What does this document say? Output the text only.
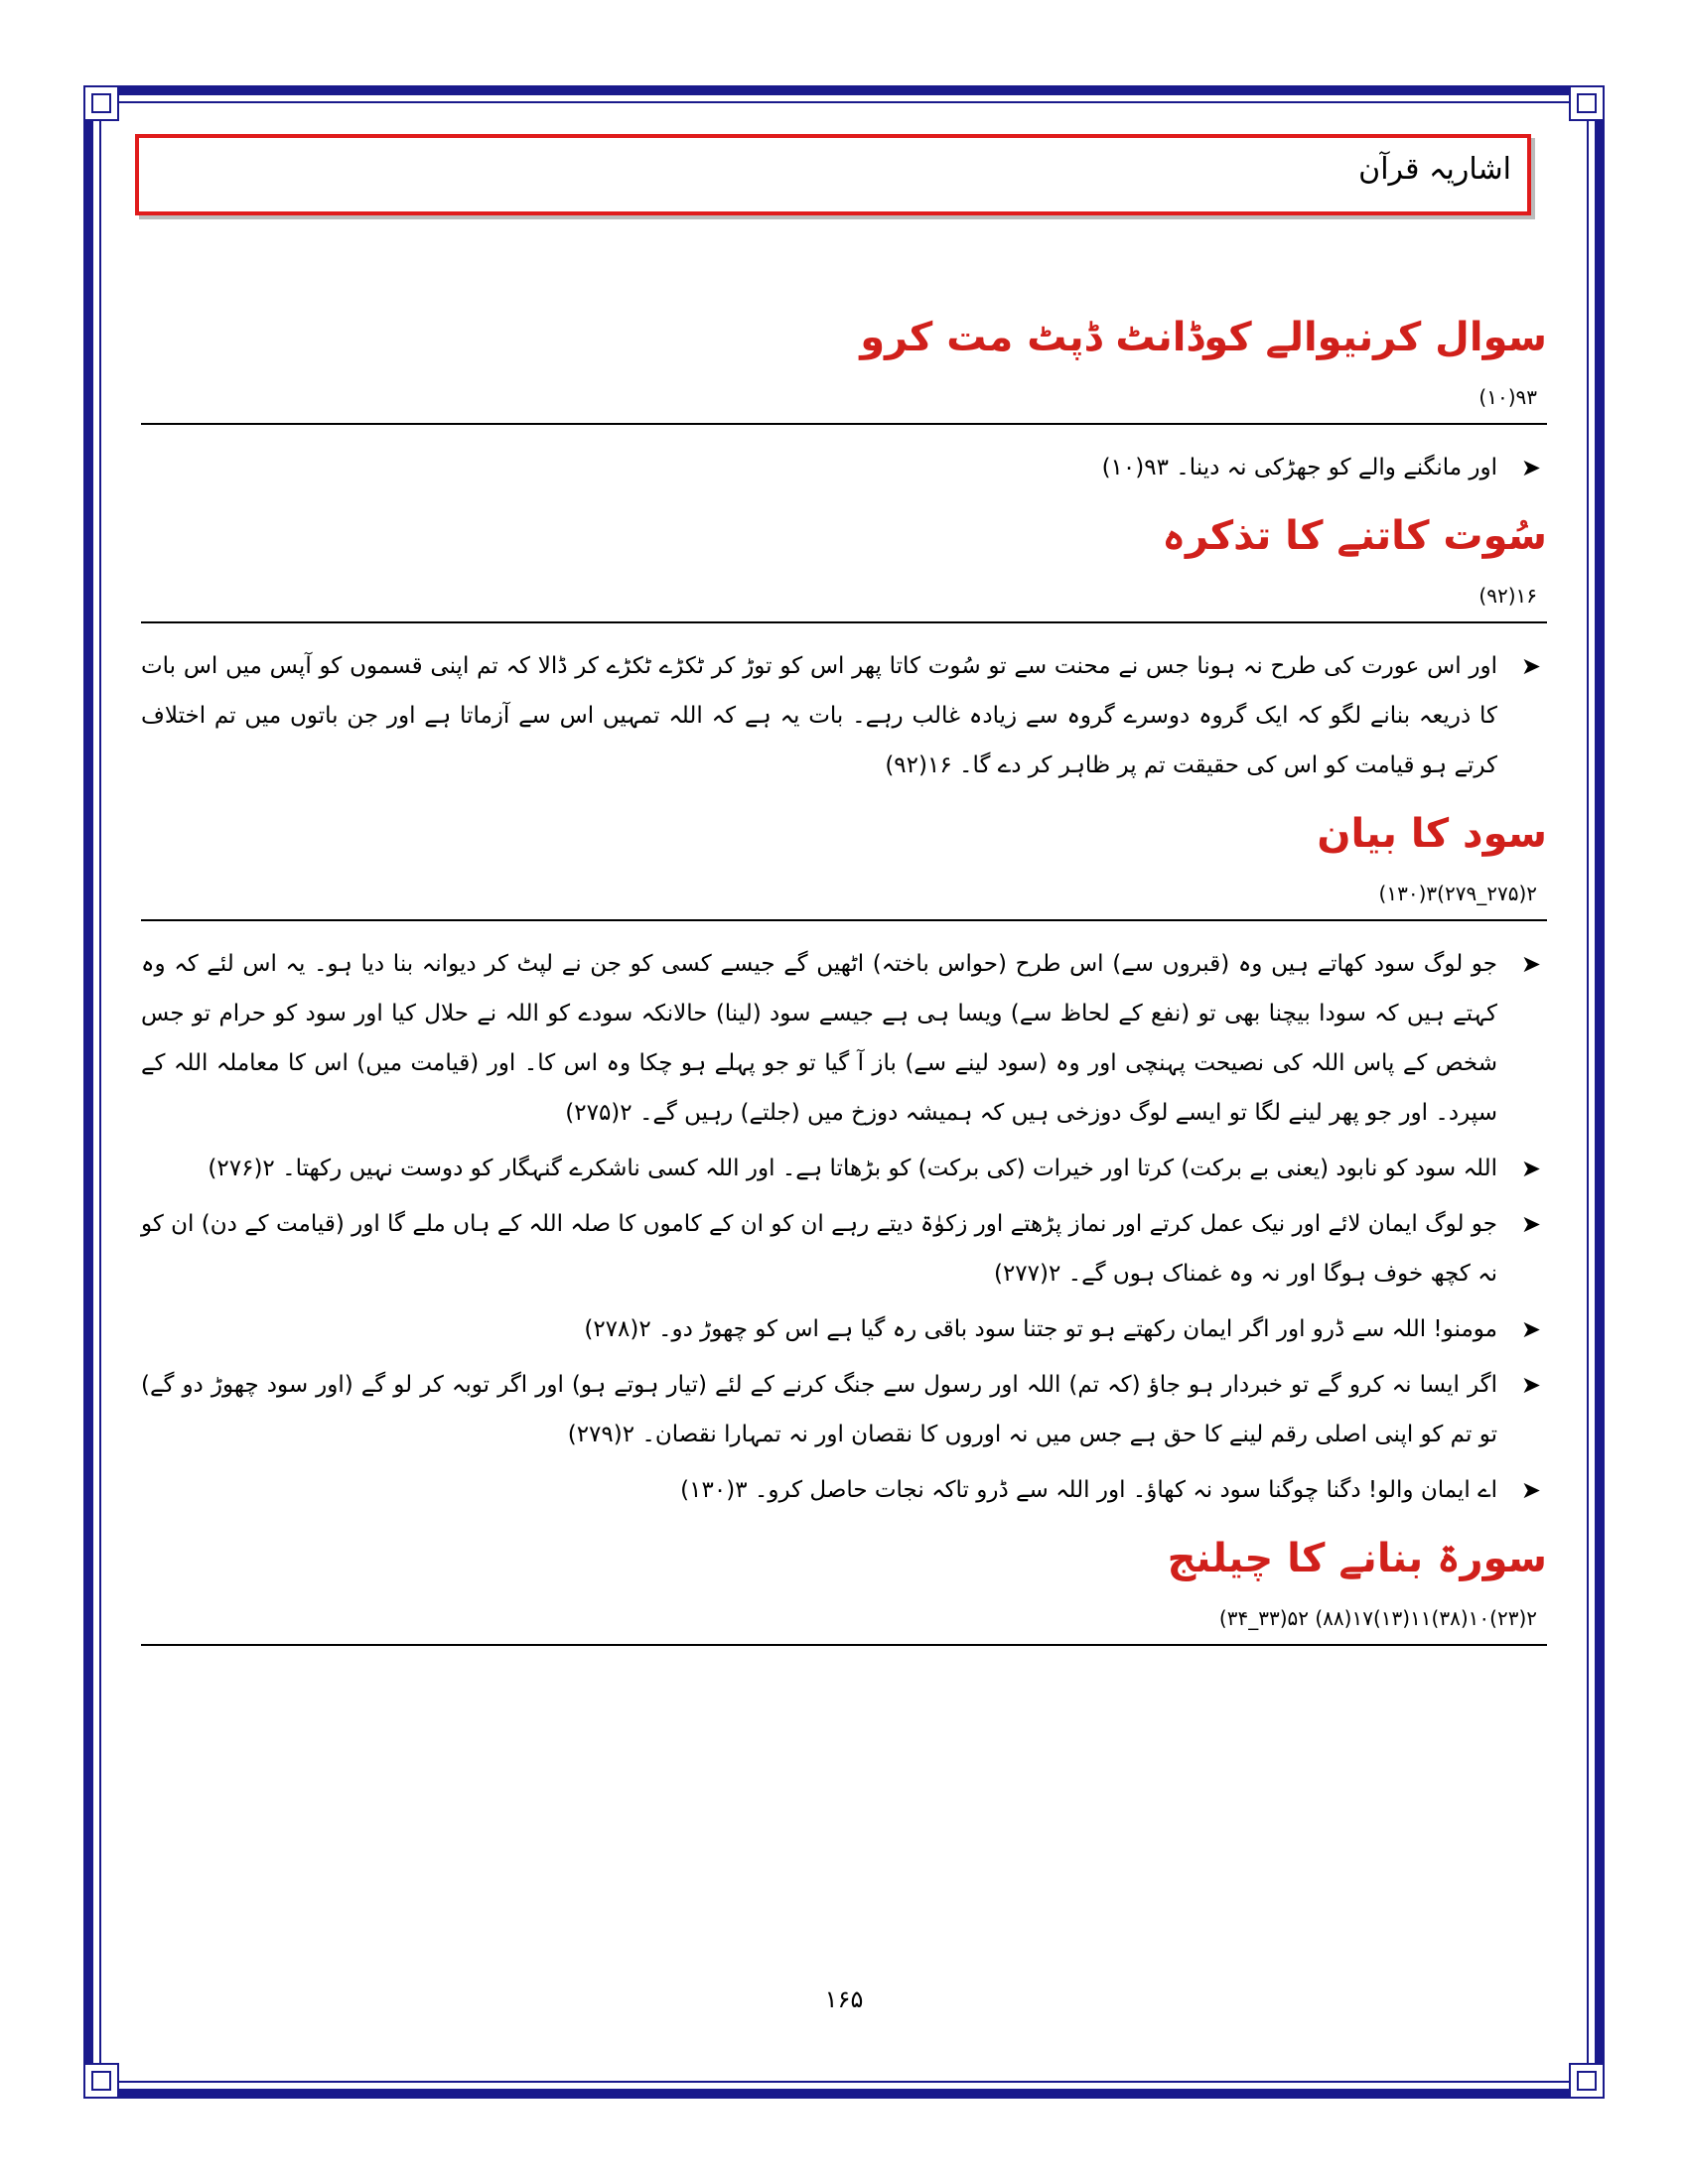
اشاریہ قرآن
سوال کرنیوالے کوڈانٹ ڈپٹ مت کرو
۹۳(۱۰)
➤
اور مانگنے والے کو جھڑکی نہ دینا۔ ۹۳(۱۰)
سُوت کاتنے کا تذکرہ
۱۶(۹۲)
➤
اور اس عورت کی طرح نہ ہونا جس نے محنت سے تو سُوت کاتا پھر اس کو توڑ کر ٹکڑے ٹکڑے کر ڈالا کہ تم اپنی قسموں کو آپس میں اس بات کا ذریعہ بنانے لگو کہ ایک گروہ دوسرے گروہ سے زیادہ غالب رہے۔ بات یہ ہے کہ اللہ تمہیں اس سے آزماتا ہے اور جن باتوں میں تم اختلاف کرتے ہو قیامت کو اس کی حقیقت تم پر ظاہر کر دے گا۔ ۱۶(۹۲)
سود کا بیان
۲(۲۷۵_۲۷۹)۳(۱۳۰)
➤
جو لوگ سود کھاتے ہیں وہ (قبروں سے) اس طرح (حواس باختہ) اٹھیں گے جیسے کسی کو جن نے لپٹ کر دیوانہ بنا دیا ہو۔ یہ اس لئے کہ وہ کہتے ہیں کہ سودا بیچنا بھی تو (نفع کے لحاظ سے) ویسا ہی ہے جیسے سود (لینا) حالانکہ سودے کو اللہ نے حلال کیا اور سود کو حرام تو جس شخص کے پاس اللہ کی نصیحت پہنچی اور وہ (سود لینے سے) باز آ گیا تو جو پہلے ہو چکا وہ اس کا۔ اور (قیامت میں) اس کا معاملہ اللہ کے سپرد۔ اور جو پھر لینے لگا تو ایسے لوگ دوزخی ہیں کہ ہمیشہ دوزخ میں (جلتے) رہیں گے۔ ۲(۲۷۵)
➤
اللہ سود کو نابود (یعنی بے برکت) کرتا اور خیرات (کی برکت) کو بڑھاتا ہے۔ اور اللہ کسی ناشکرے گنہگار کو دوست نہیں رکھتا۔ ۲(۲۷۶)
➤
جو لوگ ایمان لائے اور نیک عمل کرتے اور نماز پڑھتے اور زکوٰۃ دیتے رہے ان کو ان کے کاموں کا صلہ اللہ کے ہاں ملے گا اور (قیامت کے دن) ان کو نہ کچھ خوف ہوگا اور نہ وہ غمناک ہوں گے۔ ۲(۲۷۷)
➤
مومنو! اللہ سے ڈرو اور اگر ایمان رکھتے ہو تو جتنا سود باقی رہ گیا ہے اس کو چھوڑ دو۔ ۲(۲۷۸)
➤
اگر ایسا نہ کرو گے تو خبردار ہو جاؤ (کہ تم) اللہ اور رسول سے جنگ کرنے کے لئے (تیار ہوتے ہو) اور اگر توبہ کر لو گے (اور سود چھوڑ دو گے) تو تم کو اپنی اصلی رقم لینے کا حق ہے جس میں نہ اوروں کا نقصان اور نہ تمہارا نقصان۔ ۲(۲۷۹)
➤
اے ایمان والو! دگنا چوگنا سود نہ کھاؤ۔ اور اللہ سے ڈرو تاکہ نجات حاصل کرو۔ ۳(۱۳۰)
سورۃ بنانے کا چیلنج
۲(۲۳)۱۰(۳۸)۱۱(۱۳)۱۷(۸۸) ۵۲(۳۳_۳۴)
۱۶۵
